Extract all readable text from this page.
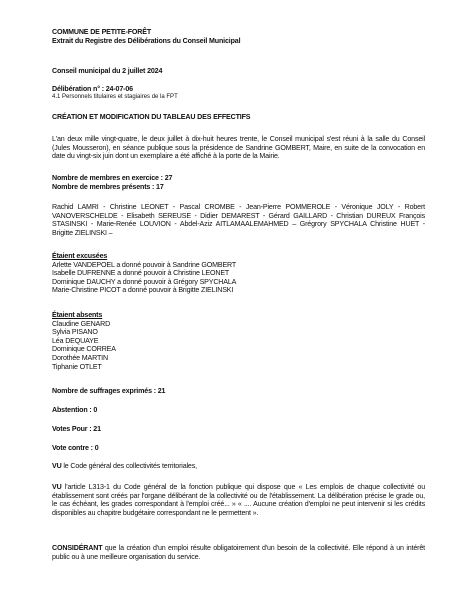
COMMUNE DE PETITE-FORÊT
Extrait du Registre des Délibérations du Conseil Municipal
Conseil municipal du 2 juillet 2024
Délibération n° : 24-07-06
4.1 Personnels titulaires et stagiaires de la FPT
CRÉATION ET MODIFICATION DU TABLEAU DES EFFECTIFS
L'an deux mille vingt-quatre, le deux juillet à dix-huit heures trente, le Conseil municipal s'est réuni à la salle du Conseil (Jules Mousseron), en séance publique sous la présidence de Sandrine GOMBERT, Maire, en suite de la convocation en date du vingt-six juin dont un exemplaire a été affiché à la porte de la Mairie.
Nombre de membres en exercice : 27
Nombre de membres présents : 17
Rachid LAMRI - Christine LEONET - Pascal CROMBE - Jean-Pierre POMMEROLE - Véronique JOLY - Robert VANOVERSCHELDE - Elisabeth SEREUSE - Didier DEMAREST - Gérard GAILLARD - Christian DUREUX François STASINSKI - Marie-Renée LOUVION - Abdel-Aziz AITLAMAALEMAHMED – Grégrory SPYCHALA Christine HUET - Brigitte ZIELINSKI –
Étaient excusées
Arlette VANDEPOEL a donné pouvoir à Sandrine GOMBERT
Isabelle DUFRENNE a donné pouvoir à Christine LEONET
Dominique DAUCHY a donné pouvoir à Grégory SPYCHALA
Marie-Christine PICOT a donné pouvoir à Brigitte ZIELINSKI
Étaient absents
Claudine GENARD
Sylvia PISANO
Léa DEQUAYE
Dominique CORREA
Dorothée MARTIN
Tiphanie OTLET
Nombre de suffrages exprimés : 21
Abstention : 0
Votes Pour : 21
Vote contre : 0
VU le Code général des collectivités territoriales,
VU l'article L313-1 du Code général de la fonction publique qui dispose que « Les emplois de chaque collectivité ou établissement sont créés par l'organe délibérant de la collectivité ou de l'établissement. La délibération précise le grade ou, le cas échéant, les grades correspondant à l'emploi créé... » « .... Aucune création d'emploi ne peut intervenir si les crédits disponibles au chapitre budgétaire correspondant ne le permettent ».
CONSIDÉRANT que la création d'un emploi résulte obligatoirement d'un besoin de la collectivité. Elle répond à un intérêt public ou à une meilleure organisation du service.
